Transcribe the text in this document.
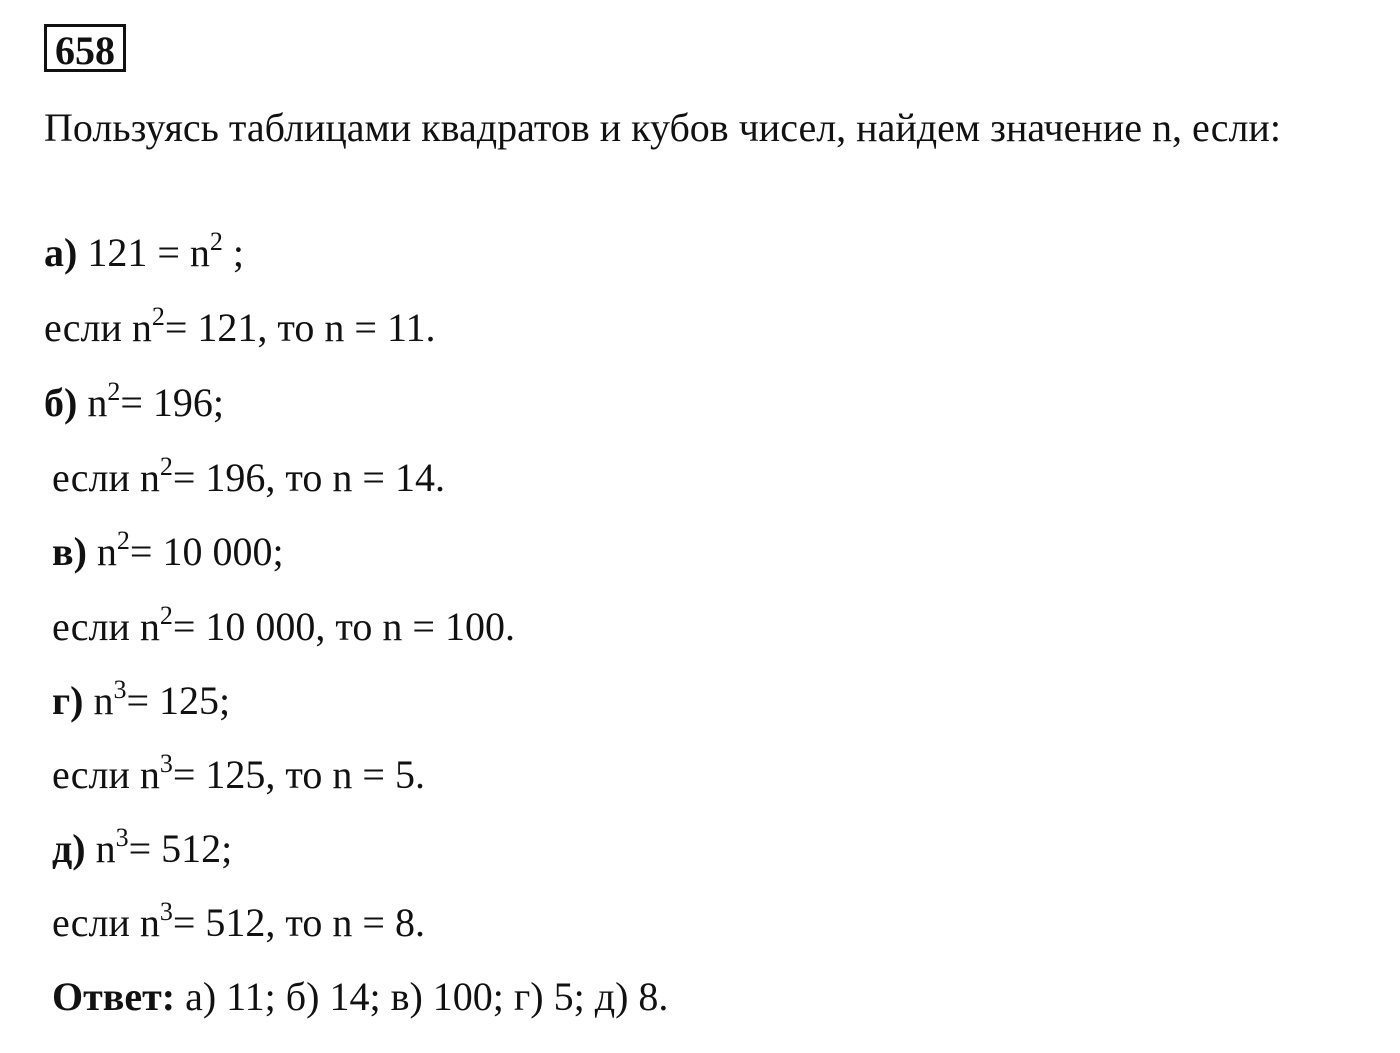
658
Пользуясь таблицами квадратов и кубов чисел, найдем значение n, если:
а) $121 = n^2$ ;
если $n^2= 121$, то n = 11.
б) $n^2= 196$;
если $n^2= 196$, то n = 14.
в) $n^2= 10$ 000;
если $n^2= 10$ 000, то n = 100.
г) $n^3= 125$;
если $n^3= 125$, то n = 5.
д) $n^3= 512$;
если $n^3= 512$, то n = 8.
Ответ: а) 11; б) 14; в) 100; г) 5; д) 8.
